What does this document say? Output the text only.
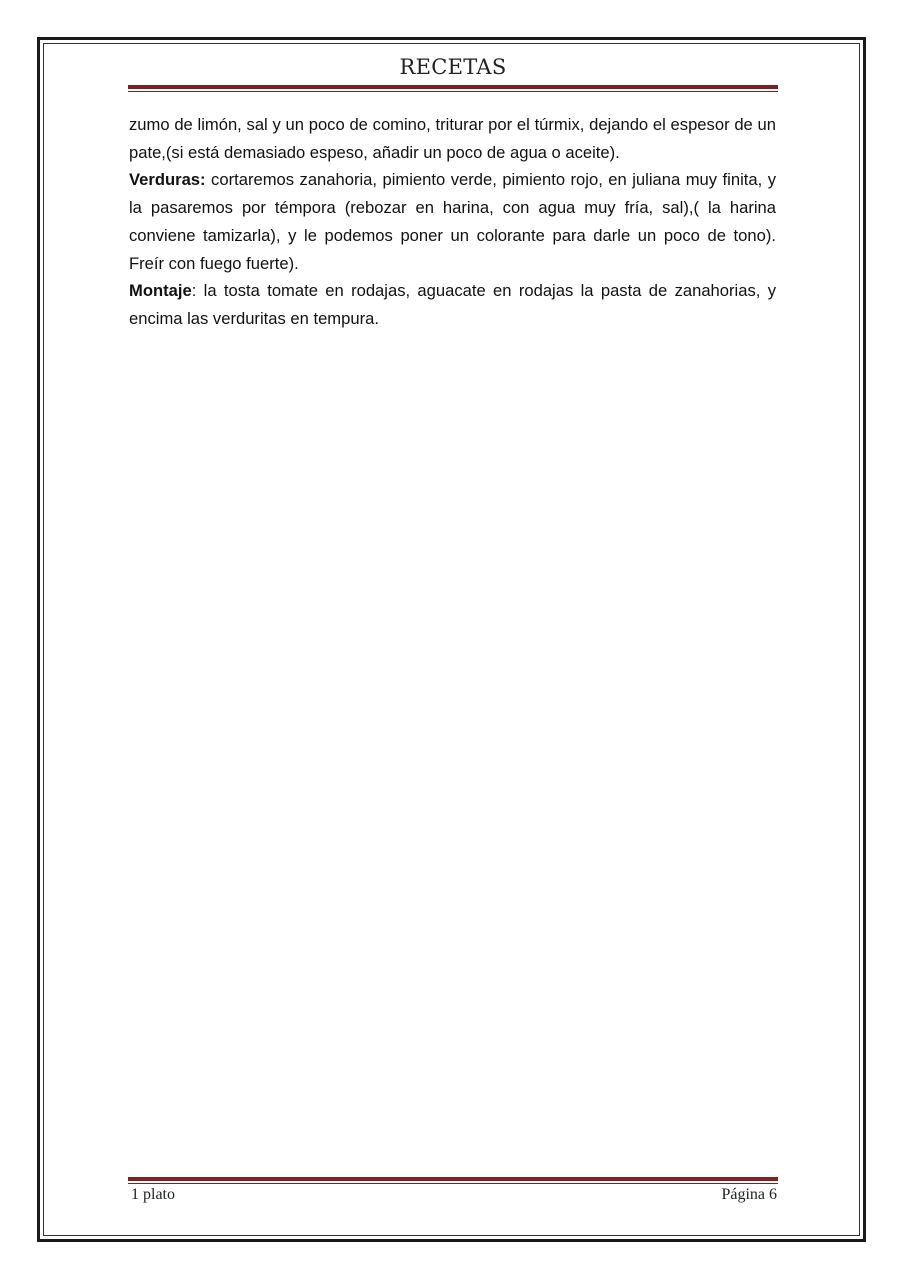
RECETAS

zumo de limón, sal y un poco de comino, triturar por el túrmix, dejando el espesor de un pate,(si está demasiado espeso, añadir un poco de agua o aceite).

Verduras: cortaremos zanahoria, pimiento verde, pimiento rojo, en juliana muy finita, y la pasaremos por témpora (rebozar en harina, con agua muy fría, sal),( la harina conviene tamizarla), y le podemos poner un colorante para darle un poco de tono). Freír con fuego fuerte).

Montaje: la tosta tomate en rodajas, aguacate en rodajas la pasta de zanahorias, y encima las verduritas en tempura.

1 plato	Página 6
